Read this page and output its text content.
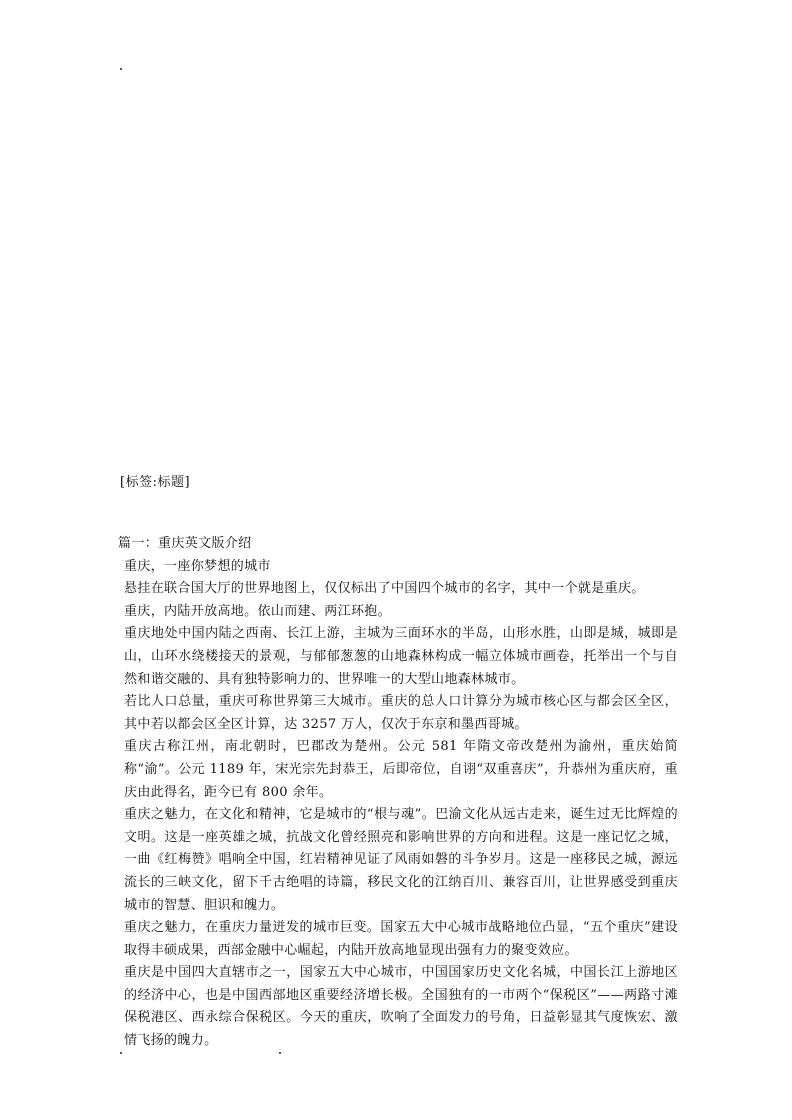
[标签:标题]

篇一：重庆英文版介绍

重庆，一座你梦想的城市

悬挂在联合国大厅的世界地图上，仅仅标出了中国四个城市的名字，其中一个就是重庆。

重庆，内陆开放高地。依山而建、两江环抱。

重庆地处中国内陆之西南、长江上游，主城为三面环水的半岛，山形水胜，山即是城，城即是山，山环水绕楼接天的景观，与郁郁葱葱的山地森林构成一幅立体城市画卷，托举出一个与自然和谐交融的、具有独特影响力的、世界唯一的大型山地森林城市。

若比人口总量，重庆可称世界第三大城市。重庆的总人口计算分为城市核心区与都会区全区，其中若以都会区全区计算，达 3257 万人，仅次于东京和墨西哥城。

重庆古称江州，南北朝时，巴郡改为楚州。公元 581 年隋文帝改楚州为渝州，重庆始简称“渝”。公元 1189 年，宋光宗先封恭王，后即帝位，自诩“双重喜庆”，升恭州为重庆府，重庆由此得名，距今已有 800 余年。

重庆之魅力，在文化和精神，它是城市的“根与魂”。巴渝文化从远古走来，诞生过无比辉煌的文明。这是一座英雄之城，抗战文化曾经照亮和影响世界的方向和进程。这是一座记忆之城，一曲《红梅赞》唱响全中国，红岩精神见证了风雨如磐的斗争岁月。这是一座移民之城，源远流长的三峡文化，留下千古绝唱的诗篇，移民文化的江纳百川、兼容百川，让世界感受到重庆城市的智慧、胆识和魄力。

重庆之魅力，在重庆力量迸发的城市巨变。国家五大中心城市战略地位凸显，“五个重庆”建设取得丰硕成果，西部金融中心崛起，内陆开放高地显现出强有力的聚变效应。

重庆是中国四大直辖市之一，国家五大中心城市，中国国家历史文化名城，中国长江上游地区的经济中心，也是中国西部地区重要经济增长极。全国独有的一市两个“保税区”——两路寸滩保税港区、西永综合保税区。今天的重庆，吹响了全面发力的号角，日益彰显其气度恢宏、激情飞扬的魄力。
